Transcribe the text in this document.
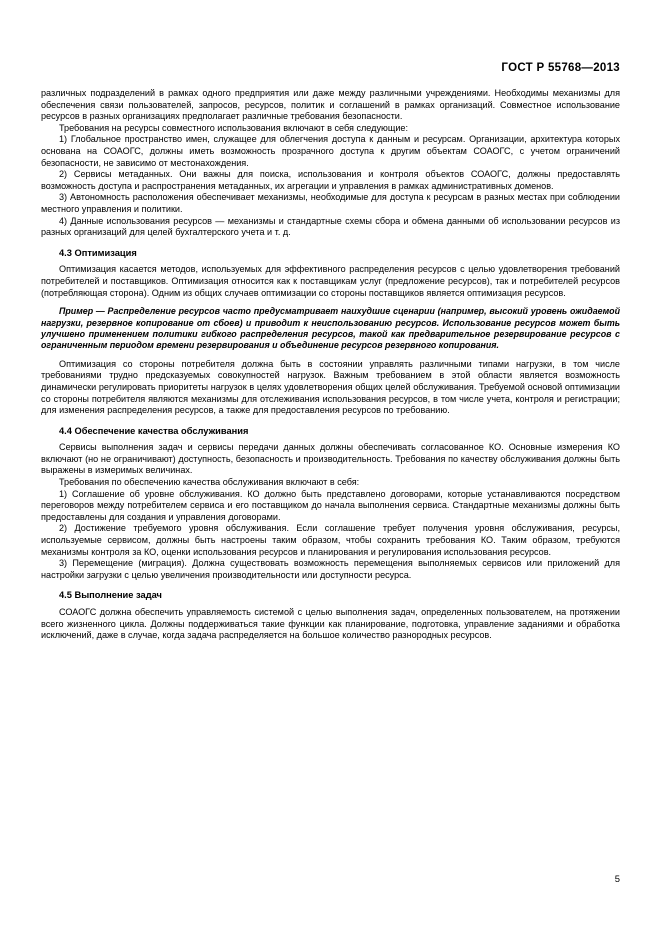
ГОСТ Р 55768—2013

различных подразделений в рамках одного предприятия или даже между различными учреждениями. Необходимы механизмы для обеспечения связи пользователей, запросов, ресурсов, политик и соглашений в рамках организаций. Совместное использование ресурсов в разных организациях предполагает различные требования безопасности.

Требования на ресурсы совместного использования включают в себя следующие:

1) Глобальное пространство имен, служащее для облегчения доступа к данным и ресурсам. Организации, архитектура которых основана на СОАОГС, должны иметь возможность прозрачного доступа к другим объектам СОАОГС, с учетом ограничений безопасности, не зависимо от местонахождения.

2) Сервисы метаданных. Они важны для поиска, использования и контроля объектов СОАОГС, должны предоставлять возможность доступа и распространения метаданных, их агрегации и управления в рамках административных доменов.

3) Автономность расположения обеспечивает механизмы, необходимые для доступа к ресурсам в разных местах при соблюдении местного управления и политики.

4) Данные использования ресурсов — механизмы и стандартные схемы сбора и обмена данными об использовании ресурсов из разных организаций для целей бухгалтерского учета и т. д.

4.3 Оптимизация

Оптимизация касается методов, используемых для эффективного распределения ресурсов с целью удовлетворения требований потребителей и поставщиков. Оптимизация относится как к поставщикам услуг (предложение ресурсов), так и потребителей ресурсов (потребляющая сторона). Одним из общих случаев оптимизации со стороны поставщиков является оптимизация ресурсов.

Пример — Распределение ресурсов часто предусматривает наихудшие сценарии (например, высокий уровень ожидаемой нагрузки, резервное копирование от сбоев) и приводит к неиспользованию ресурсов. Использование ресурсов может быть улучшено применением политики гибкого распределения ресурсов, такой как предварительное резервирование ресурсов с ограниченным периодом времени резервирования и объединение ресурсов резервного копирования.

Оптимизация со стороны потребителя должна быть в состоянии управлять различными типами нагрузки, в том числе требованиями трудно предсказуемых совокупностей нагрузок. Важным требованием в этой области является возможность динамически регулировать приоритеты нагрузок в целях удовлетворения общих целей обслуживания. Требуемой основой оптимизации со стороны потребителя являются механизмы для отслеживания использования ресурсов, в том числе учета, контроля и регистрации; для изменения распределения ресурсов, а также для предоставления ресурсов по требованию.

4.4 Обеспечение качества обслуживания

Сервисы выполнения задач и сервисы передачи данных должны обеспечивать согласованное КО. Основные измерения КО включают (но не ограничивают) доступность, безопасность и производительность. Требования по качеству обслуживания должны быть выражены в измеримых величинах.

Требования по обеспечению качества обслуживания включают в себя:

1) Соглашение об уровне обслуживания. КО должно быть представлено договорами, которые устанавливаются посредством переговоров между потребителем сервиса и его поставщиком до начала выполнения сервиса. Стандартные механизмы должны быть предоставлены для создания и управления договорами.

2) Достижение требуемого уровня обслуживания. Если соглашение требует получения уровня обслуживания, ресурсы, используемые сервисом, должны быть настроены таким образом, чтобы сохранить требования КО. Таким образом, требуются механизмы контроля за КО, оценки использования ресурсов и планирования и регулирования использования ресурсов.

3) Перемещение (миграция). Должна существовать возможность перемещения выполняемых сервисов или приложений для настройки загрузки с целью увеличения производительности или доступности ресурса.

4.5 Выполнение задач

СОАОГС должна обеспечить управляемость системой с целью выполнения задач, определенных пользователем, на протяжении всего жизненного цикла. Должны поддерживаться такие функции как планирование, подготовка, управление заданиями и обработка исключений, даже в случае, когда задача распределяется на большое количество разнородных ресурсов.

5
